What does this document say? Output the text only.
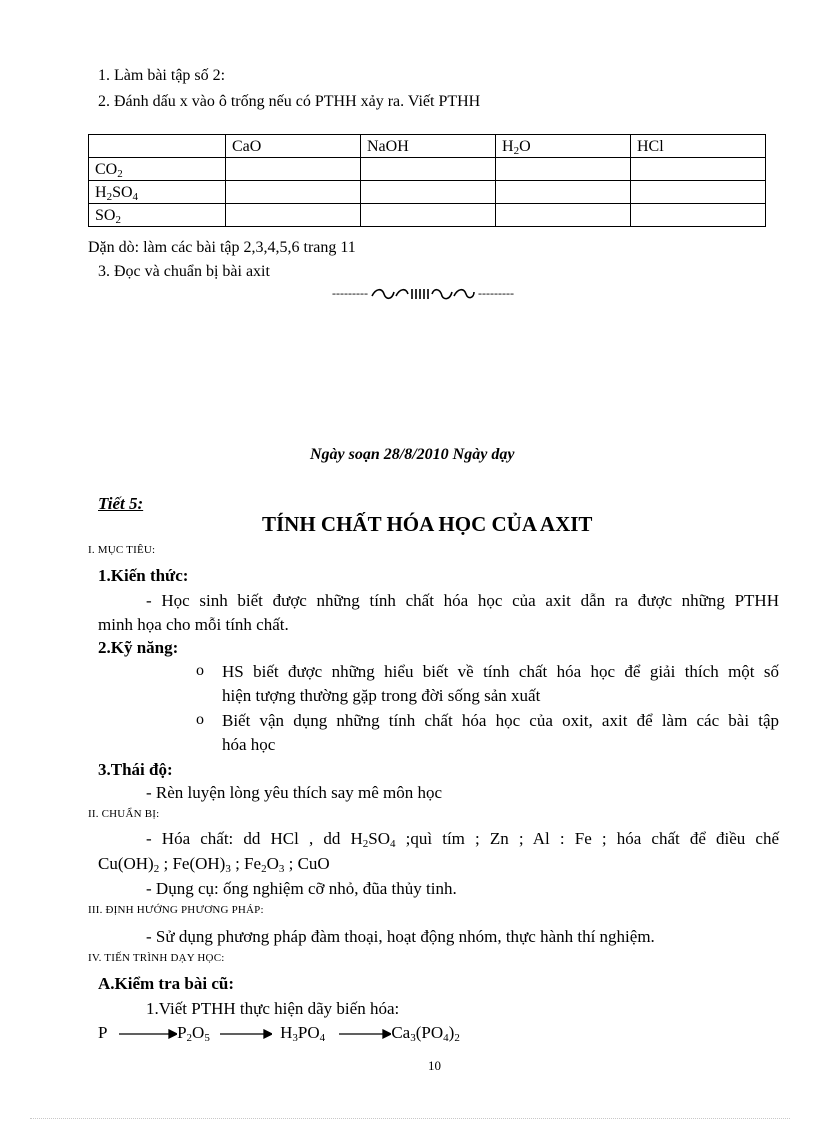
1. Làm bài tập số 2:
2. Đánh dấu x vào ô trống nếu có PTHH xảy ra. Viết PTHH
	CaO	NaOH	$H_2O$	HCl
$CO_2$				
$H_2SO_4$				
$SO_2$				
Dặn dò: làm các bài tập 2,3,4,5,6 trang 11
3. Đọc và chuẩn bị bài axit
---------	---------
Ngày soạn 28/8/2010 Ngày dạy
Tiết 5:
TÍNH CHẤT HÓA HỌC CỦA AXIT
I. MỤC TIÊU:
1.Kiến thức:
- Học sinh biết được những tính chất hóa học của axit dẫn ra được những PTHH
minh họa cho mỗi tính chất.
2.Kỹ năng:
o HS biết được những hiểu biết về tính chất hóa học để giải thích một số
hiện tượng thường gặp trong đời sống sản xuất
o Biết vận dụng những tính chất hóa học của oxit, axit để làm các bài tập
hóa học
3.Thái độ:
- Rèn luyện lòng yêu thích say mê môn học
II. CHUẨN BỊ:
- Hóa chất: dd HCl , dd $H_2SO_4$ ;quì tím ; Zn ; Al : Fe ; hóa chất để điều chế
$Cu(OH)_2$ ; $Fe(OH)_3$ ; $Fe_2O_3$ ; CuO
- Dụng cụ: ống nghiệm cỡ nhỏ, đũa thủy tinh.
III. ĐỊNH HƯỚNG PHƯƠNG PHÁP:
- Sử dụng phương pháp đàm thoại, hoạt động nhóm, thực hành thí nghiệm.
IV. TIẾN TRÌNH DẠY HỌC:
A.Kiểm tra bài cũ:
1.Viết PTHH thực hiện dãy biến hóa:
P	$P_2O_5$	$H_3PO_4$	$Ca_3(PO_4)_2$
10
